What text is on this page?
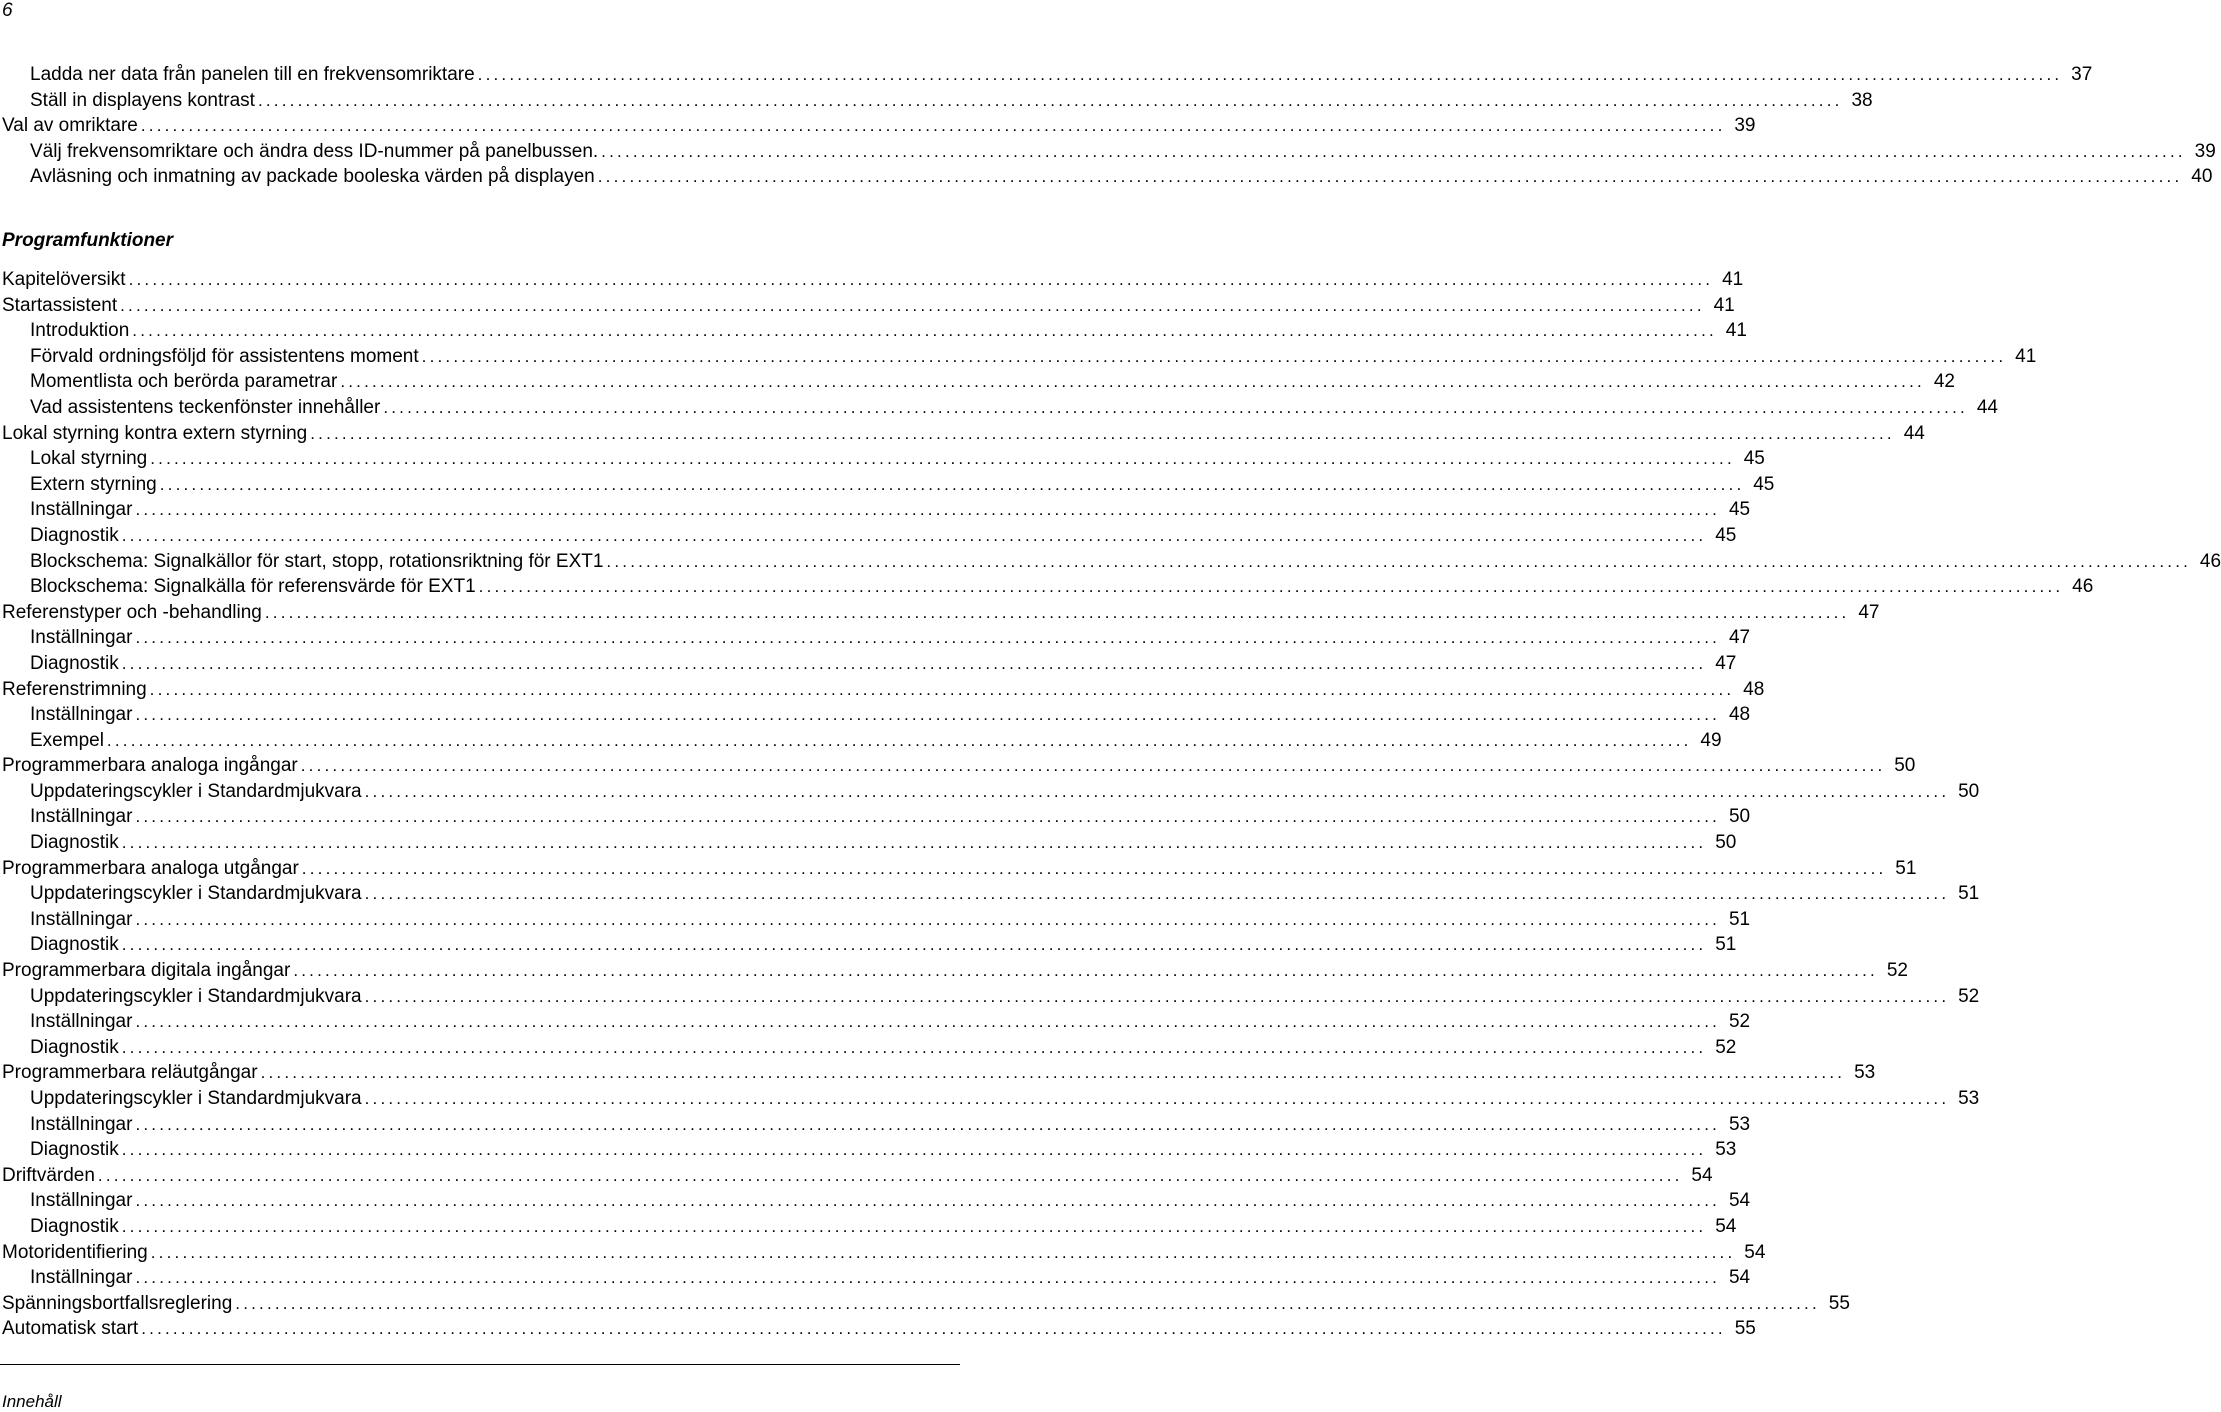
6
Ladda ner data från panelen till en frekvensomriktare ........................................................................................................................................................................................................ 37
Ställ in displayens kontrast ........................................................................................................................................................................................................ 38
Val av omriktare ........................................................................................................................................................................................................ 39
Välj frekvensomriktare och ändra dess ID-nummer på panelbussen. ........................................................................................................................................................................................................ 39
Avläsning och inmatning av packade booleska värden på displayen ........................................................................................................................................................................................................ 40
Programfunktioner
Kapitelöversikt ........................................................................................................................................................................................................ 41
Startassistent ........................................................................................................................................................................................................ 41
Introduktion ........................................................................................................................................................................................................ 41
Förvald ordningsföljd för assistentens moment ........................................................................................................................................................................................................ 41
Momentlista och berörda parametrar ........................................................................................................................................................................................................ 42
Vad assistentens teckenfönster innehåller ........................................................................................................................................................................................................ 44
Lokal styrning kontra extern styrning ........................................................................................................................................................................................................ 44
Lokal styrning ........................................................................................................................................................................................................ 45
Extern styrning ........................................................................................................................................................................................................ 45
Inställningar ........................................................................................................................................................................................................ 45
Diagnostik ........................................................................................................................................................................................................ 45
Blockschema: Signalkällor för start, stopp, rotationsriktning för EXT1 ........................................................................................................................................................................................................ 46
Blockschema: Signalkälla för referensvärde för EXT1 ........................................................................................................................................................................................................ 46
Referenstyper och -behandling ........................................................................................................................................................................................................ 47
Inställningar ........................................................................................................................................................................................................ 47
Diagnostik ........................................................................................................................................................................................................ 47
Referenstrimning ........................................................................................................................................................................................................ 48
Inställningar ........................................................................................................................................................................................................ 48
Exempel ........................................................................................................................................................................................................ 49
Programmerbara analoga ingångar ........................................................................................................................................................................................................ 50
Uppdateringscykler i Standardmjukvara ........................................................................................................................................................................................................ 50
Inställningar ........................................................................................................................................................................................................ 50
Diagnostik ........................................................................................................................................................................................................ 50
Programmerbara analoga utgångar ........................................................................................................................................................................................................ 51
Uppdateringscykler i Standardmjukvara ........................................................................................................................................................................................................ 51
Inställningar ........................................................................................................................................................................................................ 51
Diagnostik ........................................................................................................................................................................................................ 51
Programmerbara digitala ingångar ........................................................................................................................................................................................................ 52
Uppdateringscykler i Standardmjukvara ........................................................................................................................................................................................................ 52
Inställningar ........................................................................................................................................................................................................ 52
Diagnostik ........................................................................................................................................................................................................ 52
Programmerbara reläutgångar ........................................................................................................................................................................................................ 53
Uppdateringscykler i Standardmjukvara ........................................................................................................................................................................................................ 53
Inställningar ........................................................................................................................................................................................................ 53
Diagnostik ........................................................................................................................................................................................................ 53
Driftvärden ........................................................................................................................................................................................................ 54
Inställningar ........................................................................................................................................................................................................ 54
Diagnostik ........................................................................................................................................................................................................ 54
Motoridentifiering ........................................................................................................................................................................................................ 54
Inställningar ........................................................................................................................................................................................................ 54
Spänningsbortfallsreglering ........................................................................................................................................................................................................ 55
Automatisk start ........................................................................................................................................................................................................ 55
Innehåll
